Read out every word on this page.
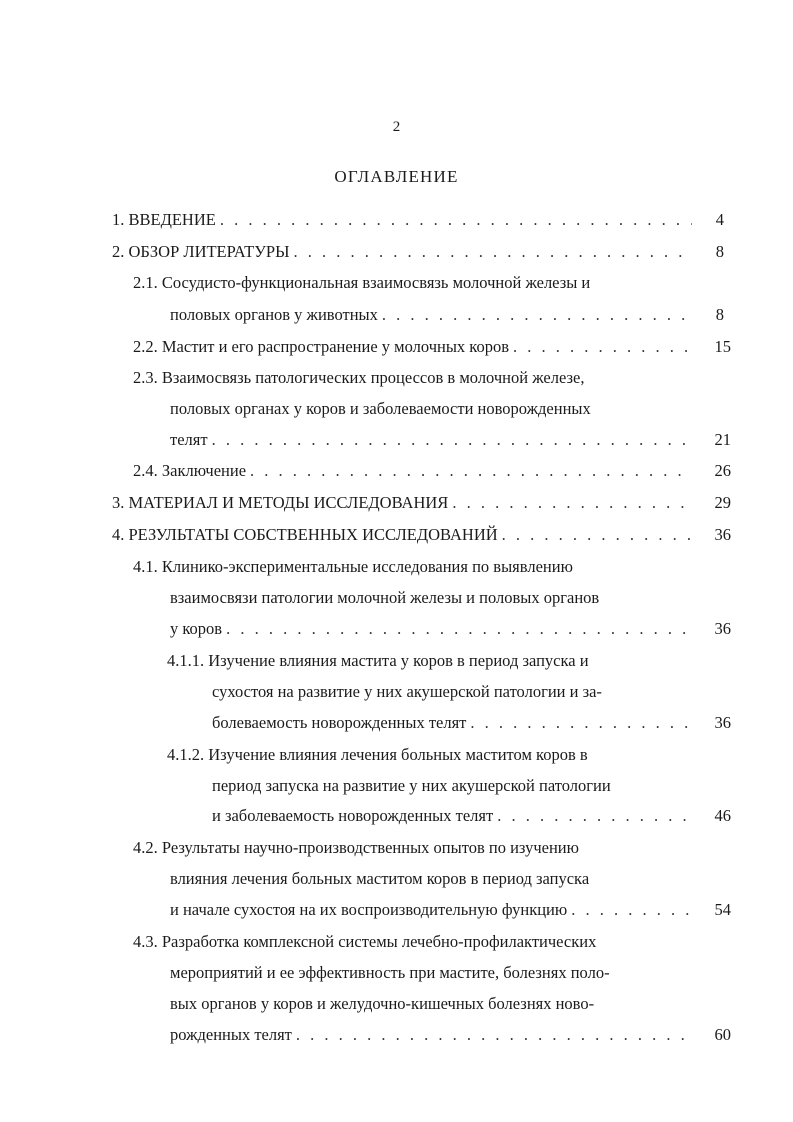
2
ОГЛАВЛЕНИЕ
1. ВВЕДЕНИЕ . . .	4
2. ОБЗОР ЛИТЕРАТУРЫ . . .	8
2.1. Сосудисто-функциональная взаимосвязь молочной железы и
половых органов у животных . . .	8
2.2. Мастит и его распространение у молочных коров . . .	15
2.3. Взаимосвязь патологических процессов в молочной железе,
половых органах у коров и заболеваемости новорожденных
телят . . .	21
2.4. Заключение . . .	26
3. МАТЕРИАЛ И МЕТОДЫ ИССЛЕДОВАНИЯ . . .	29
4. РЕЗУЛЬТАТЫ СОБСТВЕННЫХ ИССЛЕДОВАНИЙ . . .	36
4.1. Клинико-экспериментальные исследования по выявлению
взаимосвязи патологии молочной железы и половых органов
у коров . . .	36
4.1.1. Изучение влияния мастита у коров в период запуска и
сухостоя на развитие у них акушерской патологии и за-
болеваемость новорожденных телят . . .	36
4.1.2. Изучение влияния лечения больных маститом коров в
период запуска на развитие у них акушерской патологии
и заболеваемость новорожденных телят . . .	46
4.2. Результаты научно-производственных опытов по изучению
влияния лечения больных маститом коров в период запуска
и начале сухостоя на их воспроизводительную функцию . . .	54
4.3. Разработка комплексной системы лечебно-профилактических
мероприятий и ее эффективность при мастите, болезнях поло-
вых органов у коров и желудочно-кишечных болезнях ново-
рожденных телят . . .	60
